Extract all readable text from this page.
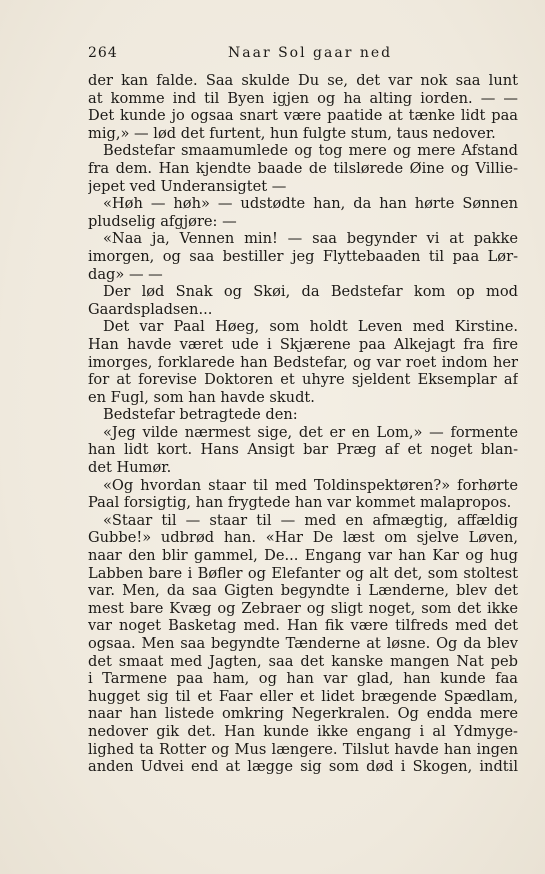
264	Naar Sol gaar ned
der kan falde. Saa skulde Du se, det var nok saa lunt
at komme ind til Byen igjen og ha alting iorden. — —
Det kunde jo ogsaa snart være paatide at tænke lidt paa
mig,» — lød det furtent, hun fulgte stum, taus nedover.
Bedstefar smaamumlede og tog mere og mere Afstand
fra dem. Han kjendte baade de tilslørede Øine og Villie-
jepet ved Underansigtet —
«Høh — høh» — udstødte han, da han hørte Sønnen
pludselig afgjøre: —
«Naa ja, Vennen min! — saa begynder vi at pakke
imorgen, og saa bestiller jeg Flyttebaaden til paa Lør-
dag» — —
Der lød Snak og Skøi, da Bedstefar kom op mod
Gaardspladsen...
Det var Paal Høeg, som holdt Leven med Kirstine.
Han havde været ude i Skjærene paa Alkejagt fra fire
imorges, forklarede han Bedstefar, og var roet indom her
for at forevise Doktoren et uhyre sjeldent Eksemplar af
en Fugl, som han havde skudt.
Bedstefar betragtede den:
«Jeg vilde nærmest sige, det er en Lom,» — formente
han lidt kort. Hans Ansigt bar Præg af et noget blan-
det Humør.
«Og hvordan staar til med Toldinspektøren?» forhørte
Paal forsigtig, han frygtede han var kommet malapropos.
«Staar til — staar til — med en afmægtig, affældig
Gubbe!» udbrød han. «Har De læst om sjelve Løven,
naar den blir gammel, De... Engang var han Kar og hug
Labben bare i Bøfler og Elefanter og alt det, som stoltest
var. Men, da saa Gigten begyndte i Lænderne, blev det
mest bare Kvæg og Zebraer og sligt noget, som det ikke
var noget Basketag med. Han fik være tilfreds med det
ogsaa. Men saa begyndte Tænderne at løsne. Og da blev
det smaat med Jagten, saa det kanske mangen Nat peb
i Tarmene paa ham, og han var glad, han kunde faa
hugget sig til et Faar eller et lidet brægende Spædlam,
naar han listede omkring Negerkralen. Og endda mere
nedover gik det. Han kunde ikke engang i al Ydmyge-
lighed ta Rotter og Mus længere. Tilslut havde han ingen
anden Udvei end at lægge sig som død i Skogen, indtil
